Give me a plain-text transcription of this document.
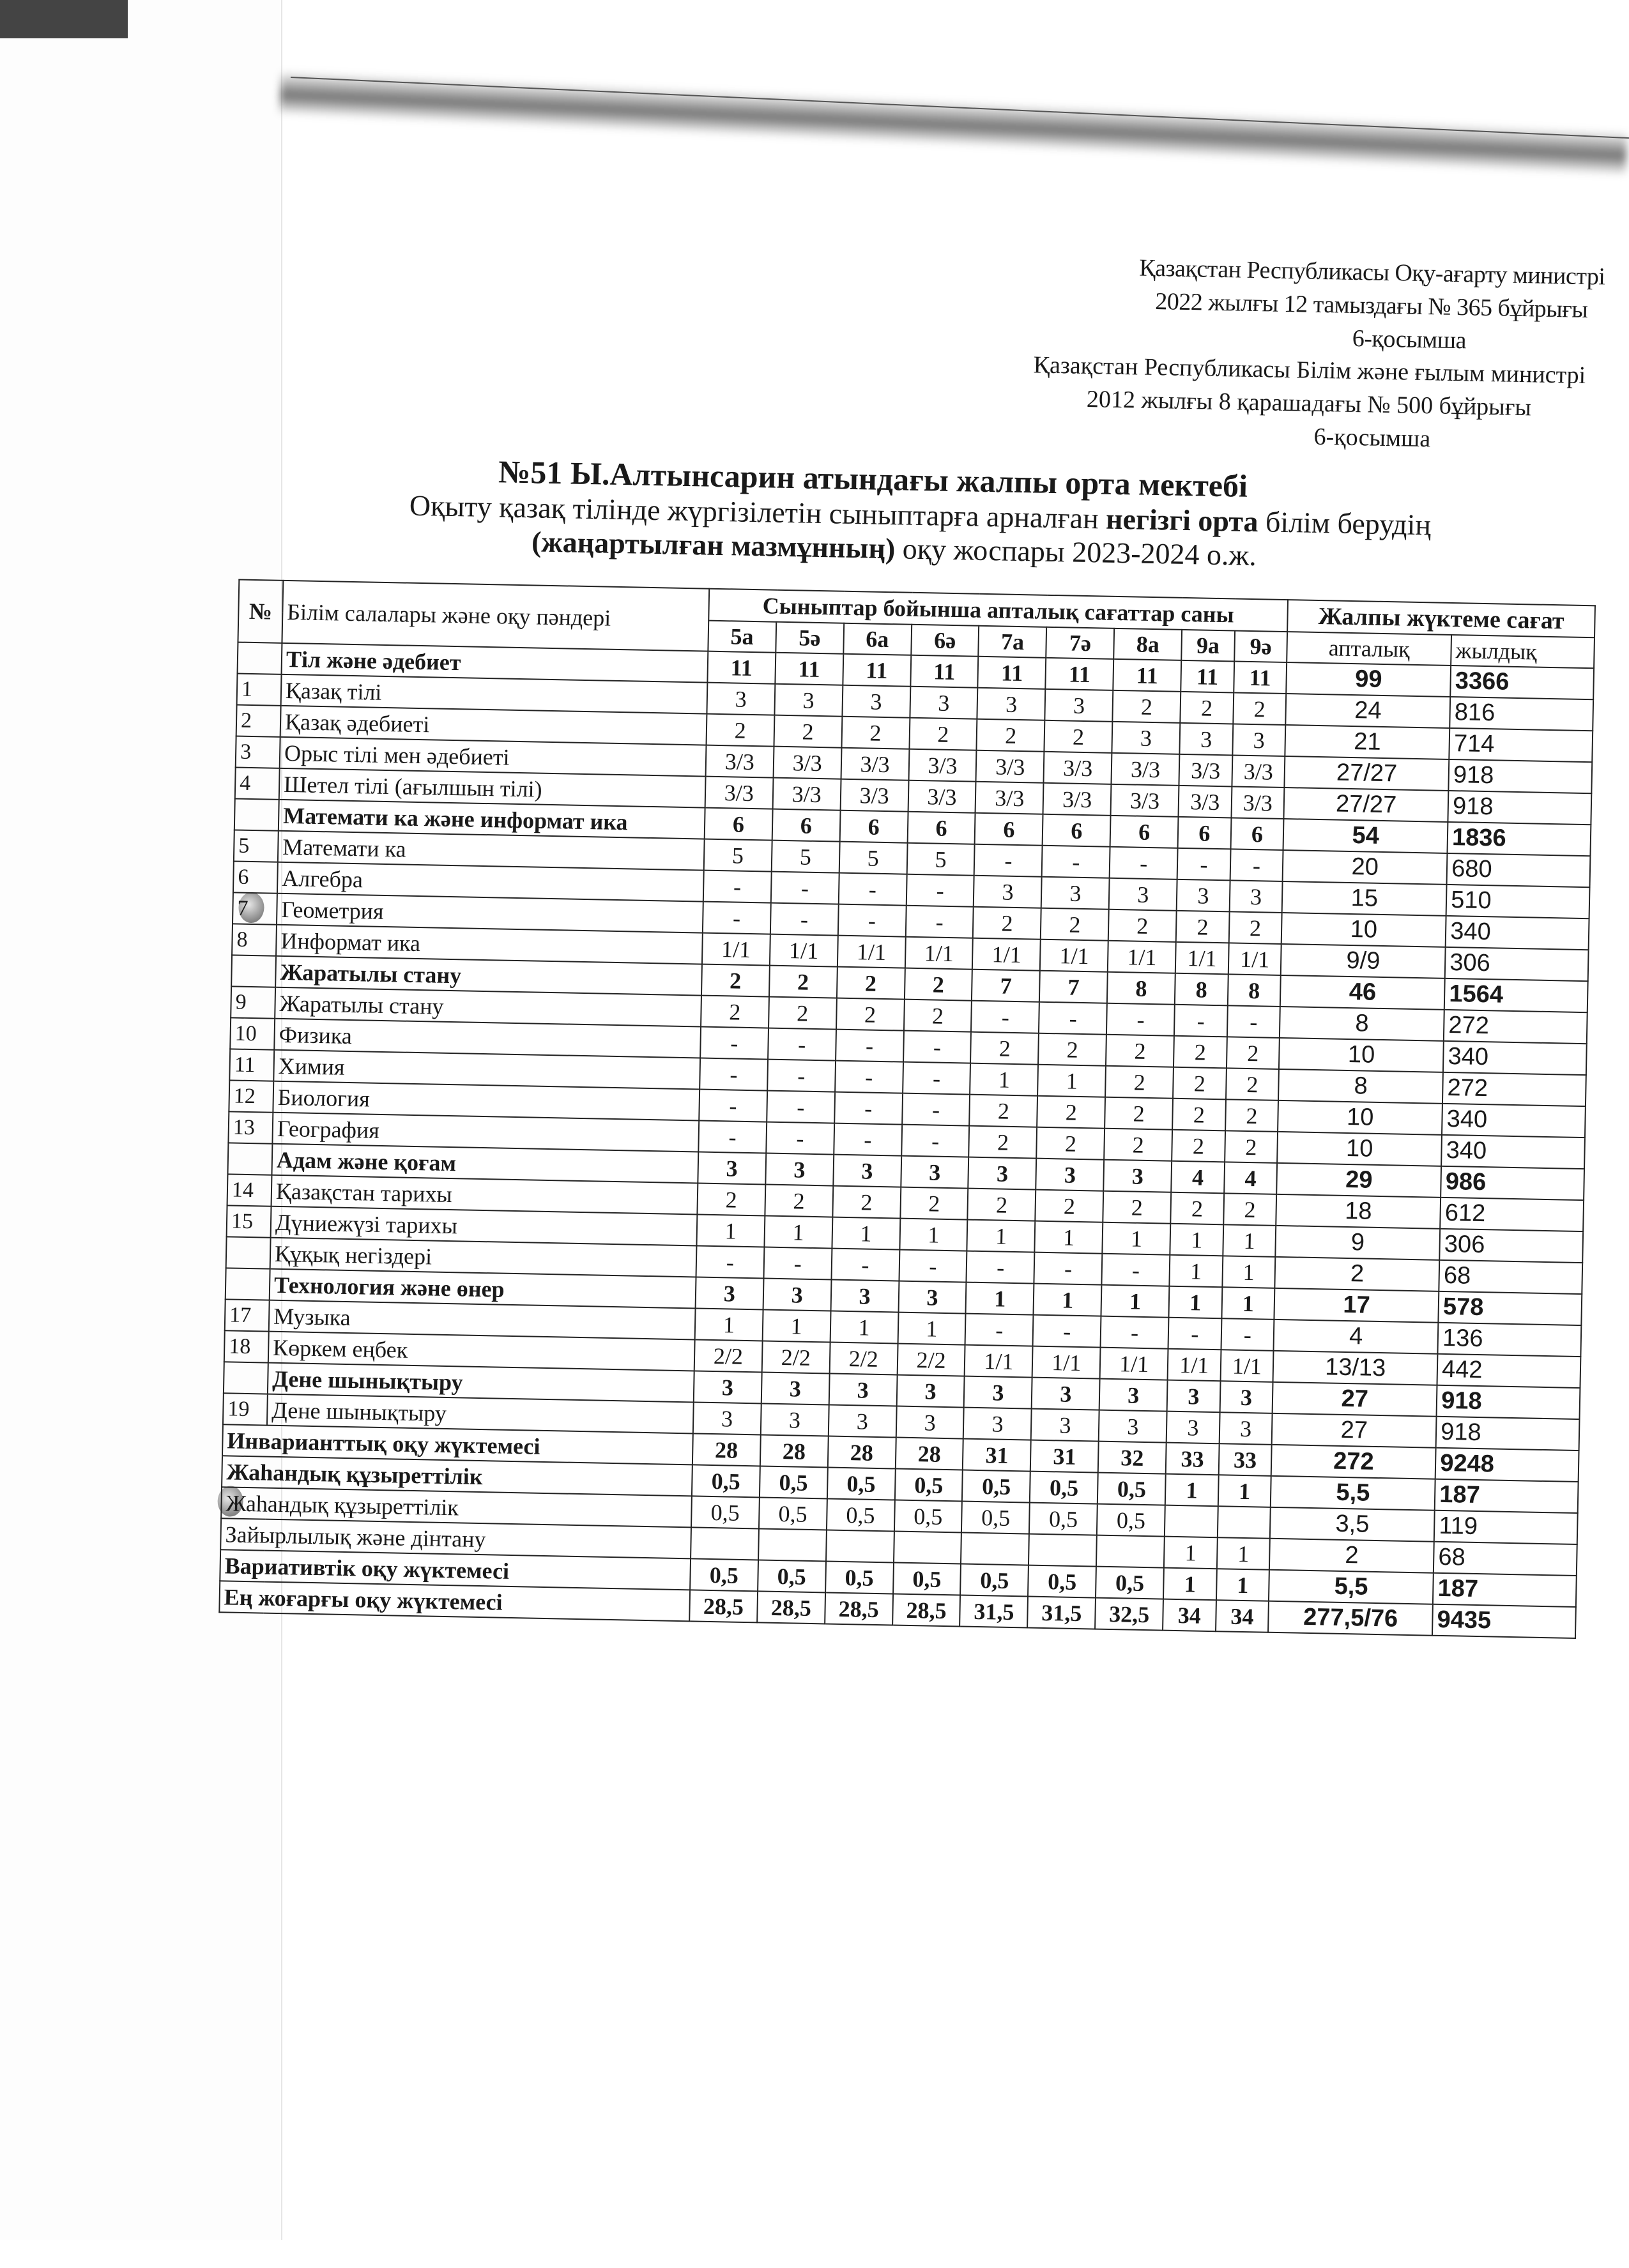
Қазақстан Республикасы Оқу-ағарту министрі
2022 жылғы 12 тамыздағы № 365 бұйрығы
6-қосымша
Қазақстан Республикасы Білім және ғылым министрі
2012 жылғы 8 қарашадағы № 500 бұйрығы
6-қосымша
№51 Ы.Алтынсарин атындағы жалпы орта мектебі
Оқыту қазақ тілінде жүргізілетін сыныптарға арналған негізгі орта білім берудің
(жаңартылған мазмұнның) оқу жоспары 2023-2024 о.ж.
№	Білім салалары және оқу пәндері	Сыныптар бойынша апталық сағаттар саны									Жалпы жүктеме сағат	
		5а	5ә	6а	6ә	7а	7ә	8а	9а	9ә	апталық	жылдық
	Тіл және әдебиет	11	11	11	11	11	11	11	11	11	99	3366
1	Қазақ тілі	3	3	3	3	3	3	2	2	2	24	816
2	Қазақ әдебиеті	2	2	2	2	2	2	3	3	3	21	714
3	Орыс тілі мен әдебиеті	3/3	3/3	3/3	3/3	3/3	3/3	3/3	3/3	3/3	27/27	918
4	Шетел тілі (ағылшын тілі)	3/3	3/3	3/3	3/3	3/3	3/3	3/3	3/3	3/3	27/27	918
	Математи ка және информат ика	6	6	6	6	6	6	6	6	6	54	1836
5	Математи ка	5	5	5	5	-	-	-	-	-	20	680
6	Алгебра	-	-	-	-	3	3	3	3	3	15	510
7	Геометрия	-	-	-	-	2	2	2	2	2	10	340
8	Информат ика	1/1	1/1	1/1	1/1	1/1	1/1	1/1	1/1	1/1	9/9	306
	Жаратылы стану	2	2	2	2	7	7	8	8	8	46	1564
9	Жаратылы стану	2	2	2	2	-	-	-	-	-	8	272
10	Физика	-	-	-	-	2	2	2	2	2	10	340
11	Химия	-	-	-	-	1	1	2	2	2	8	272
12	Биология	-	-	-	-	2	2	2	2	2	10	340
13	География	-	-	-	-	2	2	2	2	2	10	340
	Адам және қоғам	3	3	3	3	3	3	3	4	4	29	986
14	Қазақстан тарихы	2	2	2	2	2	2	2	2	2	18	612
15	Дүниежүзі тарихы	1	1	1	1	1	1	1	1	1	9	306
	Құқық негіздері	-	-	-	-	-	-	-	1	1	2	68
	Технология және өнер	3	3	3	3	1	1	1	1	1	17	578
17	Музыка	1	1	1	1	-	-	-	-	-	4	136
18	Көркем еңбек	2/2	2/2	2/2	2/2	1/1	1/1	1/1	1/1	1/1	13/13	442
	Дене шынықтыру	3	3	3	3	3	3	3	3	3	27	918
19	Дене шынықтыру	3	3	3	3	3	3	3	3	3	27	918
Инварианттық оқу жүктемесі		28	28	28	28	31	31	32	33	33	272	9248
Жаһандық құзыреттілік		0,5	0,5	0,5	0,5	0,5	0,5	0,5	1	1	5,5	187
Жаһандық құзыреттілік		0,5	0,5	0,5	0,5	0,5	0,5	0,5			3,5	119
Зайырлылық және дінтану									1	1	2	68
Вариативтік оқу жүктемесі		0,5	0,5	0,5	0,5	0,5	0,5	0,5	1	1	5,5	187
Ең жоғарғы оқу жүктемесі		28,5	28,5	28,5	28,5	31,5	31,5	32,5	34	34	277,5/76	9435
